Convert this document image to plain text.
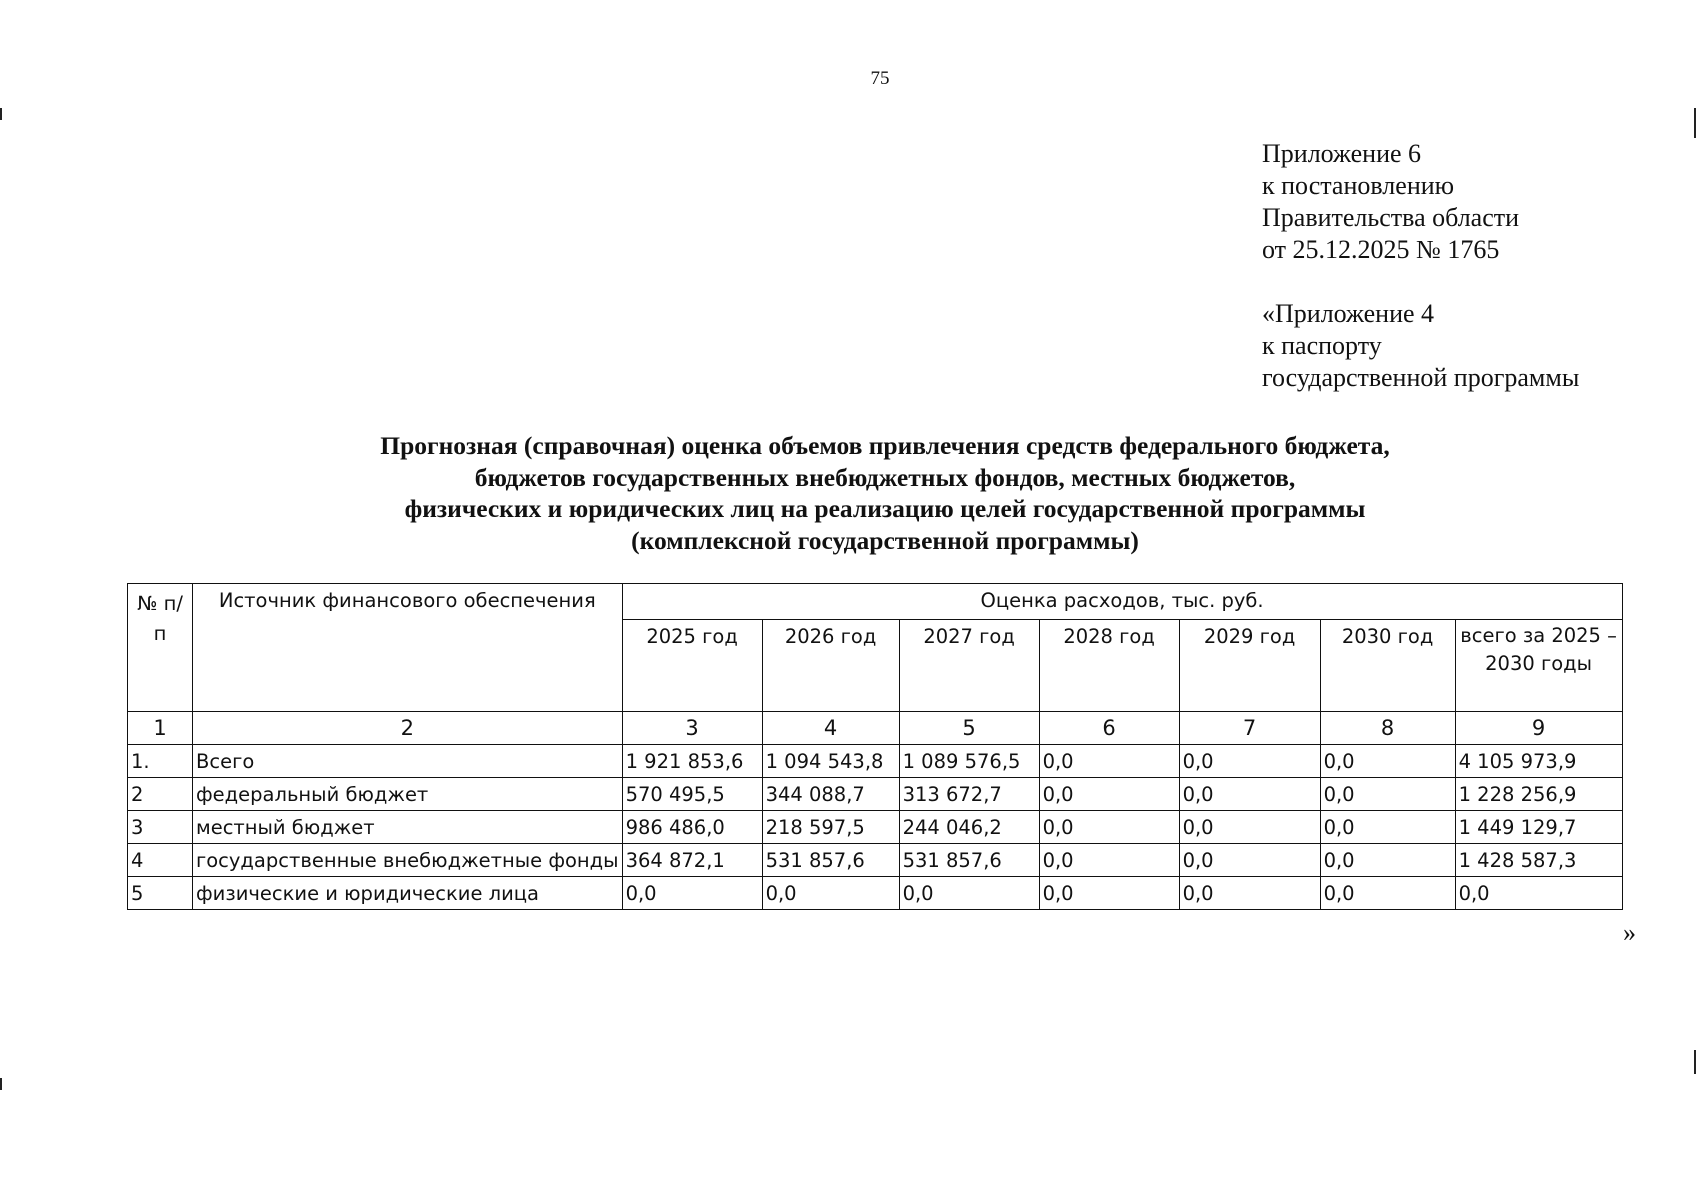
75
Приложение 6
к постановлению
Правительства области
от 25.12.2025 № 1765
«Приложение 4
к паспорту
государственной программы
Прогнозная (справочная) оценка объемов привлечения средств федерального бюджета,
бюджетов государственных внебюджетных фондов, местных бюджетов,
физических и юридических лиц на реализацию целей государственной программы
(комплексной государственной программы)
№ п/п	Источник финансового обеспечения	Оценка расходов, тыс. руб.						
		2025 год	2026 год	2027 год	2028 год	2029 год	2030 год	всего за 2025 – 2030 годы
1	2	3	4	5	6	7	8	9
1.	Всего	1 921 853,6	1 094 543,8	1 089 576,5	0,0	0,0	0,0	4 105 973,9
2	федеральный бюджет	570 495,5	344 088,7	313 672,7	0,0	0,0	0,0	1 228 256,9
3	местный бюджет	986 486,0	218 597,5	244 046,2	0,0	0,0	0,0	1 449 129,7
4	государственные внебюджетные фонды	364 872,1	531 857,6	531 857,6	0,0	0,0	0,0	1 428 587,3
5	физические и юридические лица	0,0	0,0	0,0	0,0	0,0	0,0	0,0
»
